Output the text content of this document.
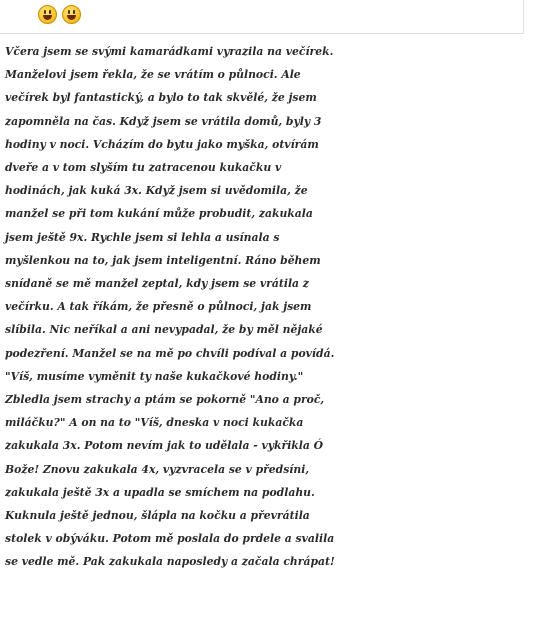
Včera jsem se svými kamarádkami vyrazila na večírek.
Manželovi jsem řekla, že se vrátím o půlnoci. Ale
večírek byl fantastický, a bylo to tak skvělé, že jsem
zapomněla na čas. Když jsem se vrátila domů, byly 3
hodiny v noci. Vcházím do bytu jako myška, otvírám
dveře a v tom slyším tu zatracenou kukačku v
hodinách, jak kuká 3x. Když jsem si uvědomila, že
manžel se při tom kukání může probudit, zakukala
jsem ještě 9x. Rychle jsem si lehla a usínala s
myšlenkou na to, jak jsem inteligentní. Ráno během
snídaně se mě manžel zeptal, kdy jsem se vrátila z
večírku. A tak říkám, že přesně o půlnoci, jak jsem
slíbila. Nic neříkal a ani nevypadal, že by měl nějaké
podezření. Manžel se na mě po chvíli podíval a povídá.
"Víš, musíme vyměnit ty naše kukačkové hodiny."
Zbledla jsem strachy a ptám se pokorně "Ano a proč,
miláčku?" A on na to "Víš, dneska v noci kukačka
zakukala 3x. Potom nevím jak to udělala - vykřikla Ó
Bože! Znovu zakukala 4x, vyzvracela se v předsíni,
zakukala ještě 3x a upadla se smíchem na podlahu.
Kuknula ještě jednou, šlápla na kočku a převrátila
stolek v obýváku. Potom mě poslala do prdele a svalila
se vedle mě. Pak zakukala naposledy a začala chrápat!
